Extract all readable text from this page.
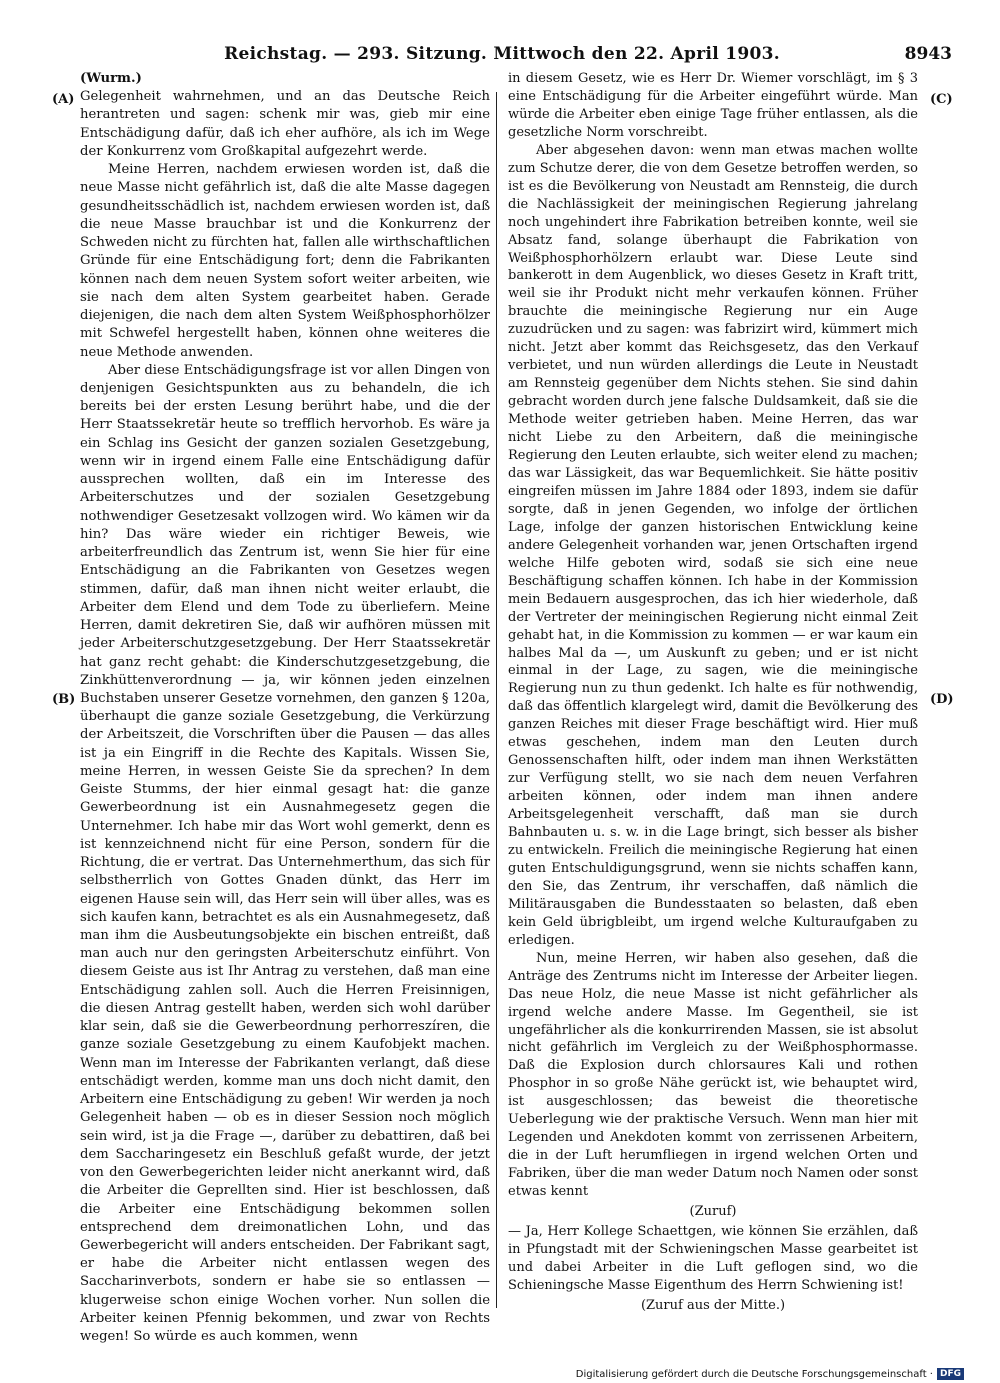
Reichstag. — 293. Sitzung. Mittwoch den 22. April 1903.	8943
(A)
(B)
(C)
(D)

(Wurm.)

Gelegenheit wahrnehmen, und an das Deutsche Reich herantreten und sagen: schenk mir was, gieb mir eine Entschädigung dafür, daß ich eher aufhöre, als ich im Wege der Konkurrenz vom Großkapital aufgezehrt werde.

Meine Herren, nachdem erwiesen worden ist, daß die neue Masse nicht gefährlich ist, daß die alte Masse dagegen gesundheitsschädlich ist, nachdem erwiesen worden ist, daß die neue Masse brauchbar ist und die Konkurrenz der Schweden nicht zu fürchten hat, fallen alle wirthschaftlichen Gründe für eine Entschädigung fort; denn die Fabrikanten können nach dem neuen System sofort weiter arbeiten, wie sie nach dem alten System gearbeitet haben. Gerade diejenigen, die nach dem alten System Weißphosphorhölzer mit Schwefel hergestellt haben, können ohne weiteres die neue Methode anwenden.

Aber diese Entschädigungsfrage ist vor allen Dingen von denjenigen Gesichtspunkten aus zu behandeln, die ich bereits bei der ersten Lesung berührt habe, und die der Herr Staatssekretär heute so trefflich hervorhob. Es wäre ja ein Schlag ins Gesicht der ganzen sozialen Gesetzgebung, wenn wir in irgend einem Falle eine Entschädigung dafür aussprechen wollten, daß ein im Interesse des Arbeiterschutzes und der sozialen Gesetzgebung nothwendiger Gesetzesakt vollzogen wird. Wo kämen wir da hin? Das wäre wieder ein richtiger Beweis, wie arbeiterfreundlich das Zentrum ist, wenn Sie hier für eine Entschädigung an die Fabrikanten von Gesetzes wegen stimmen, dafür, daß man ihnen nicht weiter erlaubt, die Arbeiter dem Elend und dem Tode zu überliefern. Meine Herren, damit dekretiren Sie, daß wir aufhören müssen mit jeder Arbeiterschutzgesetzgebung. Der Herr Staatssekretär hat ganz recht gehabt: die Kinderschutzgesetzgebung, die Zinkhüttenverordnung — ja, wir können jeden einzelnen Buchstaben unserer Gesetze vornehmen, den ganzen § 120a, überhaupt die ganze soziale Gesetzgebung, die Verkürzung der Arbeitszeit, die Vorschriften über die Pausen — das alles ist ja ein Eingriff in die Rechte des Kapitals. Wissen Sie, meine Herren, in wessen Geiste Sie da sprechen? In dem Geiste Stumms, der hier einmal gesagt hat: die ganze Gewerbeordnung ist ein Ausnahmegesetz gegen die Unternehmer. Ich habe mir das Wort wohl gemerkt, denn es ist kennzeichnend nicht für eine Person, sondern für die Richtung, die er vertrat. Das Unternehmerthum, das sich für selbstherrlich von Gottes Gnaden dünkt, das Herr im eigenen Hause sein will, das Herr sein will über alles, was es sich kaufen kann, betrachtet es als ein Ausnahmegesetz, daß man ihm die Ausbeutungsobjekte ein bischen entreißt, daß man auch nur den geringsten Arbeiterschutz einführt. Von diesem Geiste aus ist Ihr Antrag zu verstehen, daß man eine Entschädigung zahlen soll. Auch die Herren Freisinnigen, die diesen Antrag gestellt haben, werden sich wohl darüber klar sein, daß sie die Gewerbeordnung perhorreszíren, die ganze soziale Gesetzgebung zu einem Kaufobjekt machen. Wenn man im Interesse der Fabrikanten verlangt, daß diese entschädigt werden, komme man uns doch nicht damit, den Arbeitern eine Entschädigung zu geben! Wir werden ja noch Gelegenheit haben — ob es in dieser Session noch möglich sein wird, ist ja die Frage —, darüber zu debattiren, daß bei dem Saccharingesetz ein Beschluß gefaßt wurde, der jetzt von den Gewerbegerichten leider nicht anerkannt wird, daß die Arbeiter die Geprellten sind. Hier ist beschlossen, daß die Arbeiter eine Entschädigung bekommen sollen entsprechend dem dreimonatlichen Lohn, und das Gewerbegericht will anders entscheiden. Der Fabrikant sagt, er habe die Arbeiter nicht entlassen wegen des Saccharinverbots, sondern er habe sie so entlassen — klugerweise schon einige Wochen vorher. Nun sollen die Arbeiter keinen Pfennig bekommen, und zwar von Rechts wegen! So würde es auch kommen, wenn

in diesem Gesetz, wie es Herr Dr. Wiemer vorschlägt, im § 3 eine Entschädigung für die Arbeiter eingeführt würde. Man würde die Arbeiter eben einige Tage früher entlassen, als die gesetzliche Norm vorschreibt.

Aber abgesehen davon: wenn man etwas machen wollte zum Schutze derer, die von dem Gesetze betroffen werden, so ist es die Bevölkerung von Neustadt am Rennsteig, die durch die Nachlässigkeit der meiningischen Regierung jahrelang noch ungehindert ihre Fabrikation betreiben konnte, weil sie Absatz fand, solange überhaupt die Fabrikation von Weißphosphorhölzern erlaubt war. Diese Leute sind bankerott in dem Augenblick, wo dieses Gesetz in Kraft tritt, weil sie ihr Produkt nicht mehr verkaufen können. Früher brauchte die meiningische Regierung nur ein Auge zuzudrücken und zu sagen: was fabrizirt wird, kümmert mich nicht. Jetzt aber kommt das Reichsgesetz, das den Verkauf verbietet, und nun würden allerdings die Leute in Neustadt am Rennsteig gegenüber dem Nichts stehen. Sie sind dahin gebracht worden durch jene falsche Duldsamkeit, daß sie die Methode weiter getrieben haben. Meine Herren, das war nicht Liebe zu den Arbeitern, daß die meiningische Regierung den Leuten erlaubte, sich weiter elend zu machen; das war Lässigkeit, das war Bequemlichkeit. Sie hätte positiv eingreifen müssen im Jahre 1884 oder 1893, indem sie dafür sorgte, daß in jenen Gegenden, wo infolge der örtlichen Lage, infolge der ganzen historischen Entwicklung keine andere Gelegenheit vorhanden war, jenen Ortschaften irgend welche Hilfe geboten wird, sodaß sie sich eine neue Beschäftigung schaffen können. Ich habe in der Kommission mein Bedauern ausgesprochen, das ich hier wiederhole, daß der Vertreter der meiningischen Regierung nicht einmal Zeit gehabt hat, in die Kommission zu kommen — er war kaum ein halbes Mal da —, um Auskunft zu geben; und er ist nicht einmal in der Lage, zu sagen, wie die meiningische Regierung nun zu thun gedenkt. Ich halte es für nothwendig, daß das öffentlich klargelegt wird, damit die Bevölkerung des ganzen Reiches mit dieser Frage beschäftigt wird. Hier muß etwas geschehen, indem man den Leuten durch Genossenschaften hilft, oder indem man ihnen Werkstätten zur Verfügung stellt, wo sie nach dem neuen Verfahren arbeiten können, oder indem man ihnen andere Arbeitsgelegenheit verschafft, daß man sie durch Bahnbauten u. s. w. in die Lage bringt, sich besser als bisher zu entwickeln. Freilich die meiningische Regierung hat einen guten Entschuldigungsgrund, wenn sie nichts schaffen kann, den Sie, das Zentrum, ihr verschaffen, daß nämlich die Militärausgaben die Bundesstaaten so belasten, daß eben kein Geld übrigbleibt, um irgend welche Kulturaufgaben zu erledigen.

Nun, meine Herren, wir haben also gesehen, daß die Anträge des Zentrums nicht im Interesse der Arbeiter liegen. Das neue Holz, die neue Masse ist nicht gefährlicher als irgend welche andere Masse. Im Gegentheil, sie ist ungefährlicher als die konkurrirenden Massen, sie ist absolut nicht gefährlich im Vergleich zu der Weißphosphormasse. Daß die Explosion durch chlorsaures Kali und rothen Phosphor in so große Nähe gerückt ist, wie behauptet wird, ist ausgeschlossen; das beweist die theoretische Ueberlegung wie der praktische Versuch. Wenn man hier mit Legenden und Anekdoten kommt von zerrissenen Arbeitern, die in der Luft herumfliegen in irgend welchen Orten und Fabriken, über die man weder Datum noch Namen oder sonst etwas kennt

(Zuruf)

— Ja, Herr Kollege Schaettgen, wie können Sie erzählen, daß in Pfungstadt mit der Schwieningschen Masse gearbeitet ist und dabei Arbeiter in die Luft geflogen sind, wo die Schieningsche Masse Eigenthum des Herrn Schwiening ist!

(Zuruf aus der Mitte.)

Digitalisierung gefördert durch die Deutsche Forschungsgemeinschaft · DFG
